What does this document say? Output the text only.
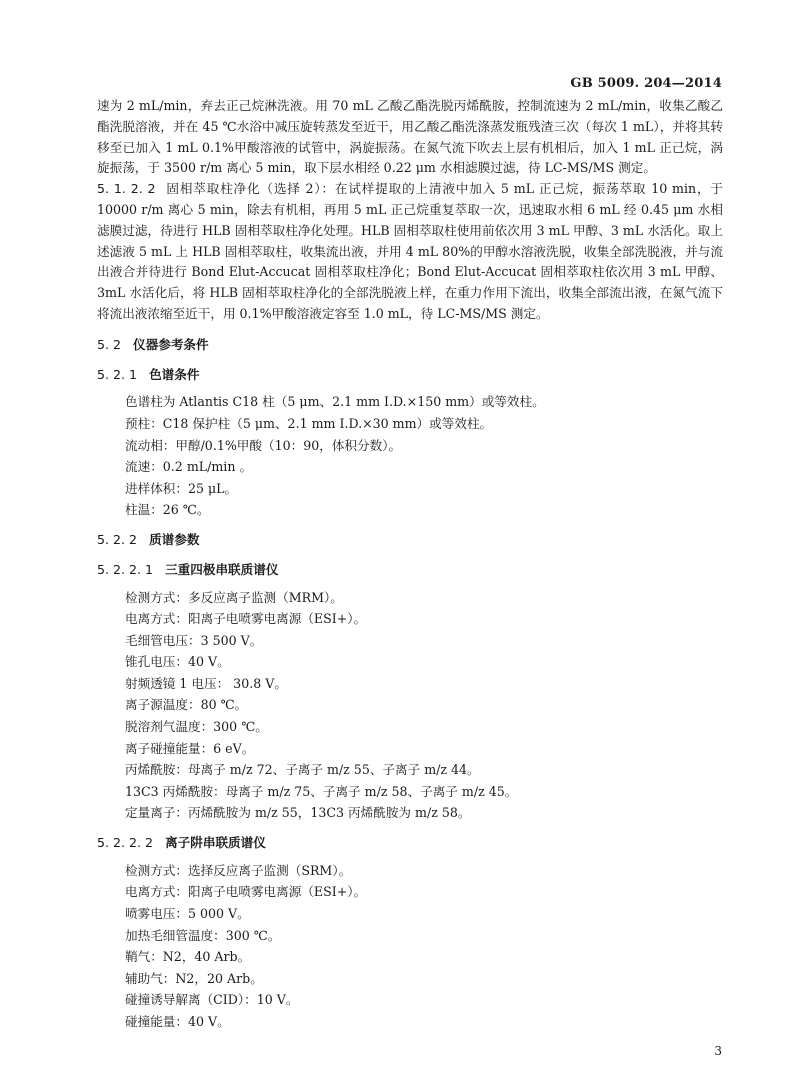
GB 5009. 204—2014

速为 2 mL/min，弃去正己烷淋洗液。用 70 mL 乙酸乙酯洗脱丙烯酰胺，控制流速为 2 mL/min，收集乙酸乙酯洗脱溶液，并在 45 ℃水浴中减压旋转蒸发至近干，用乙酸乙酯洗涤蒸发瓶残渣三次（每次 1 mL），并将其转移至已加入 1 mL 0.1%甲酸溶液的试管中，涡旋振荡。在氮气流下吹去上层有机相后，加入 1 mL 正己烷，涡旋振荡，于 3500 r/m 离心 5 min，取下层水相经 0.22 μm 水相滤膜过滤，待 LC-MS/MS 测定。

5. 1. 2. 2 固相萃取柱净化（选择 2）：在试样提取的上清液中加入 5 mL 正己烷，振荡萃取 10 min，于 10000 r/m 离心 5 min，除去有机相，再用 5 mL 正己烷重复萃取一次，迅速取水相 6 mL 经 0.45 μm 水相滤膜过滤，待进行 HLB 固相萃取柱净化处理。HLB 固相萃取柱使用前依次用 3 mL 甲醇、3 mL 水活化。取上述滤液 5 mL 上 HLB 固相萃取柱，收集流出液，并用 4 mL 80%的甲醇水溶液洗脱，收集全部洗脱液，并与流出液合并待进行 Bond Elut-Accucat 固相萃取柱净化；Bond Elut-Accucat 固相萃取柱依次用 3 mL 甲醇、3mL 水活化后，将 HLB 固相萃取柱净化的全部洗脱液上样，在重力作用下流出，收集全部流出液，在氮气流下将流出液浓缩至近干，用 0.1%甲酸溶液定容至 1.0 mL，待 LC-MS/MS 测定。

5. 2 仪器参考条件
5. 2. 1 色谱条件

色谱柱为 Atlantis C18 柱（5 μm、2.1 mm I.D.×150 mm）或等效柱。

预柱：C18 保护柱（5 μm、2.1 mm I.D.×30 mm）或等效柱。

流动相：甲醇/0.1%甲酸（10：90，体积分数）。

流速：0.2 mL/min 。

进样体积：25 μL。

柱温：26 ℃。

5. 2. 2 质谱参数
5. 2. 2. 1 三重四极串联质谱仪

检测方式：多反应离子监测（MRM）。

电离方式：阳离子电喷雾电离源（ESI+）。

毛细管电压：3 500 V。

锥孔电压：40 V。

射频透镜 1 电压： 30.8 V。

离子源温度：80 ℃。

脱溶剂气温度：300 ℃。

离子碰撞能量：6 eV。

丙烯酰胺：母离子 m/z 72、子离子 m/z 55、子离子 m/z 44。

13C3 丙烯酰胺：母离子 m/z 75、子离子 m/z 58、子离子 m/z 45。

定量离子：丙烯酰胺为 m/z 55，13C3 丙烯酰胺为 m/z 58。

5. 2. 2. 2 离子阱串联质谱仪

检测方式：选择反应离子监测（SRM）。

电离方式：阳离子电喷雾电离源（ESI+）。

喷雾电压：5 000 V。

加热毛细管温度：300 ℃。

鞘气：N2，40 Arb。

辅助气：N2，20 Arb。

碰撞诱导解离（CID）：10 V。

碰撞能量：40 V。

3
